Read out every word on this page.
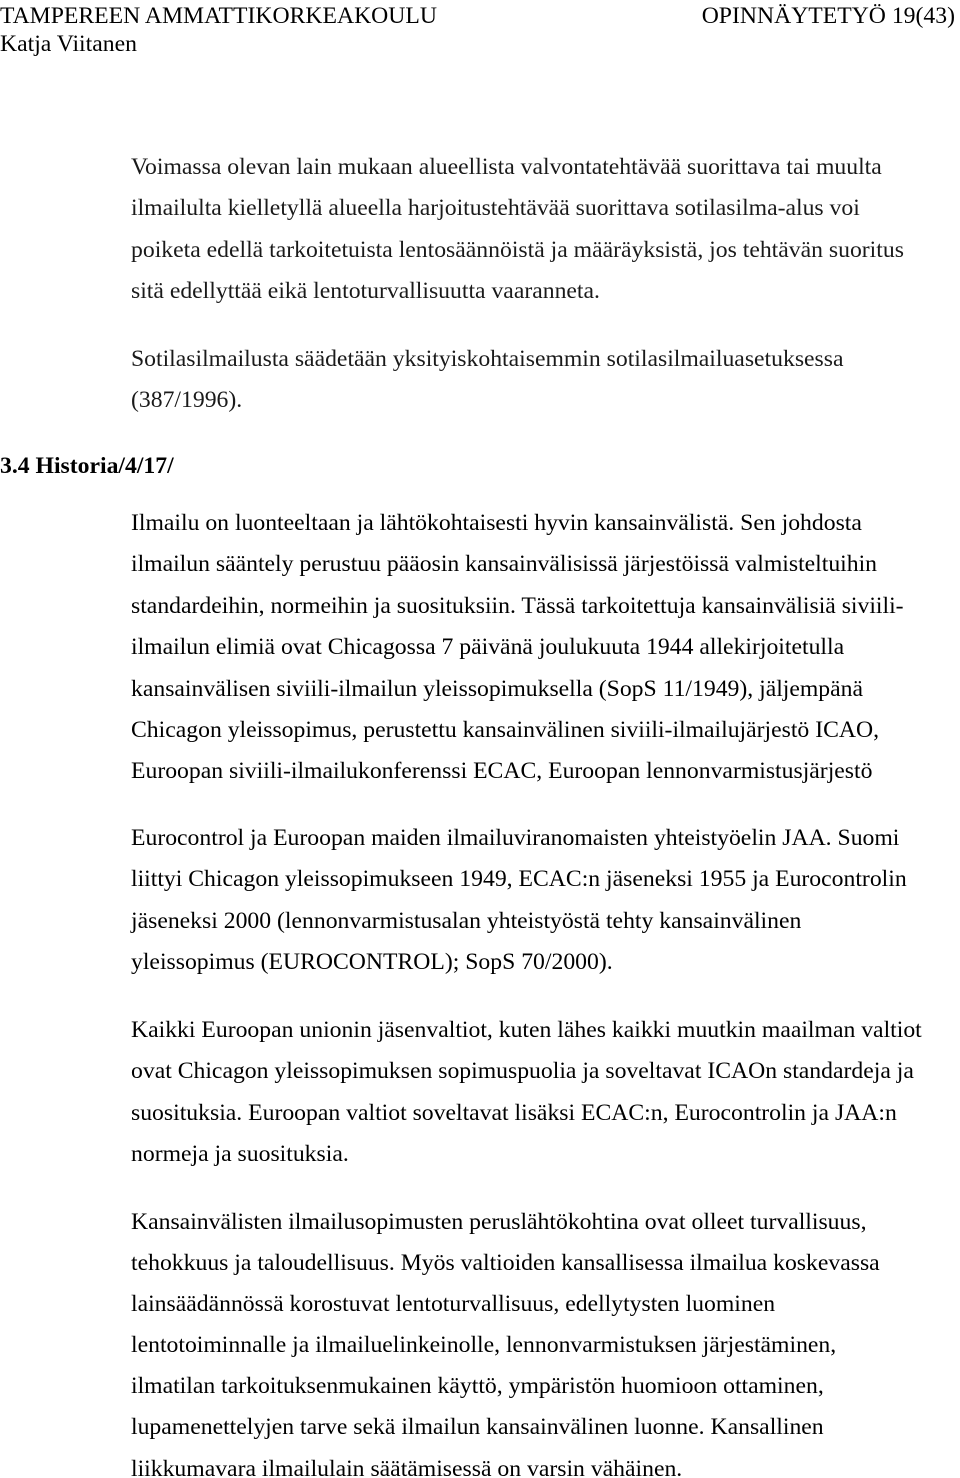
TAMPEREEN AMMATTIKORKEAKOULU
Katja Viitanen
OPINNÄYTETYÖ 19(43)
Voimassa olevan lain mukaan alueellista valvontatehtävää suorittava tai muulta
ilmailulta kielletyllä alueella harjoitustehtävää suorittava sotilasilma-alus voi
poiketa edellä tarkoitetuista lentosäännöistä ja määräyksistä, jos tehtävän suoritus
sitä edellyttää eikä lentoturvallisuutta vaaranneta.
Sotilasilmailusta säädetään yksityiskohtaisemmin sotilasilmailuasetuksessa
(387/1996).
3.4 Historia/4/17/
Ilmailu on luonteeltaan ja lähtökohtaisesti hyvin kansainvälistä. Sen johdosta
ilmailun sääntely perustuu pääosin kansainvälisissä järjestöissä valmisteltuihin
standardeihin, normeihin ja suosituksiin. Tässä tarkoitettuja kansainvälisiä siviili-
ilmailun elimiä ovat Chicagossa 7 päivänä joulukuuta 1944 allekirjoitetulla
kansainvälisen siviili-ilmailun yleissopimuksella (SopS 11/1949), jäljempänä
Chicagon yleissopimus, perustettu kansainvälinen siviili-ilmailujärjestö ICAO,
Euroopan siviili-ilmailukonferenssi ECAC, Euroopan lennonvarmistusjärjestö
Eurocontrol ja Euroopan maiden ilmailuviranomaisten yhteistyöelin JAA. Suomi
liittyi Chicagon yleissopimukseen 1949, ECAC:n jäseneksi 1955 ja Eurocontrolin
jäseneksi 2000 (lennonvarmistusalan yhteistyöstä tehty kansainvälinen
yleissopimus (EUROCONTROL); SopS 70/2000).
Kaikki Euroopan unionin jäsenvaltiot, kuten lähes kaikki muutkin maailman valtiot
ovat Chicagon yleissopimuksen sopimuspuolia ja soveltavat ICAOn standardeja ja
suosituksia. Euroopan valtiot soveltavat lisäksi ECAC:n, Eurocontrolin ja JAA:n
normeja ja suosituksia.
Kansainvälisten ilmailusopimusten peruslähtökohtina ovat olleet turvallisuus,
tehokkuus ja taloudellisuus. Myös valtioiden kansallisessa ilmailua koskevassa
lainsäädännössä korostuvat lentoturvallisuus, edellytysten luominen
lentotoiminnalle ja ilmailuelinkeinolle, lennonvarmistuksen järjestäminen,
ilmatilan tarkoituksenmukainen käyttö, ympäristön huomioon ottaminen,
lupamenettelyjen tarve sekä ilmailun kansainvälinen luonne. Kansallinen
liikkumavara ilmailulain säätämisessä on varsin vähäinen.
